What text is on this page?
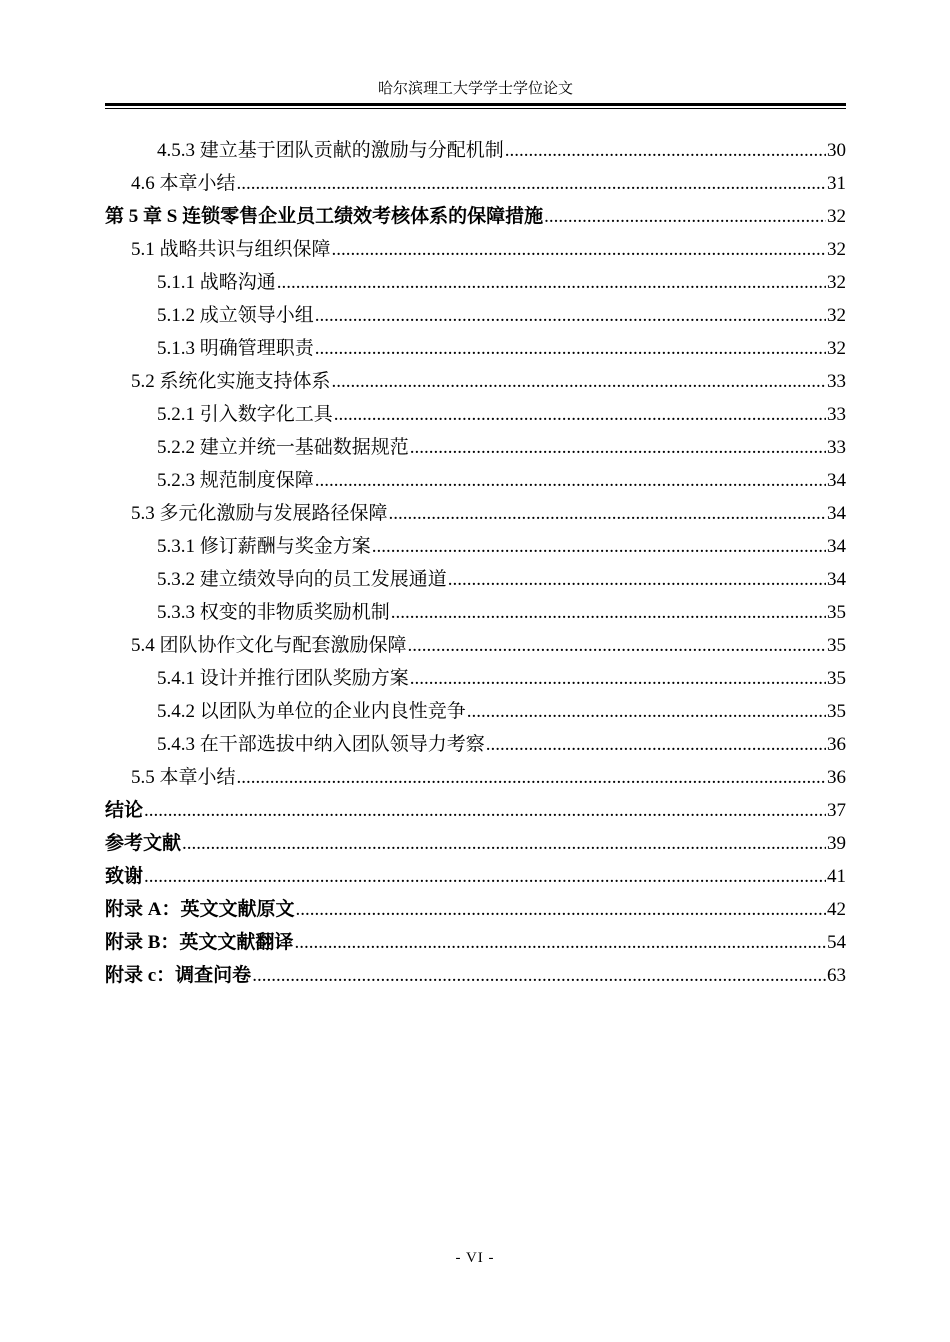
哈尔滨理工大学学士学位论文
4.5.3 建立基于团队贡献的激励与分配机制 .....	30
4.6 本章小结 .....	31
第 5 章 S 连锁零售企业员工绩效考核体系的保障措施 .....	32
5.1 战略共识与组织保障 .....	32
5.1.1 战略沟通 .....	32
5.1.2 成立领导小组 .....	32
5.1.3 明确管理职责 .....	32
5.2 系统化实施支持体系 .....	33
5.2.1 引入数字化工具 .....	33
5.2.2 建立并统一基础数据规范 .....	33
5.2.3 规范制度保障 .....	34
5.3 多元化激励与发展路径保障 .....	34
5.3.1 修订薪酬与奖金方案 .....	34
5.3.2 建立绩效导向的员工发展通道 .....	34
5.3.3 权变的非物质奖励机制 .....	35
5.4 团队协作文化与配套激励保障 .....	35
5.4.1 设计并推行团队奖励方案 .....	35
5.4.2 以团队为单位的企业内良性竞争 .....	35
5.4.3 在干部选拔中纳入团队领导力考察 .....	36
5.5 本章小结 .....	36
结论 .....	37
参考文献 .....	39
致谢 .....	41
附录 A：英文文献原文 .....	42
附录 B：英文文献翻译 .....	54
附录 c：调查问卷 .....	63
- VI -
